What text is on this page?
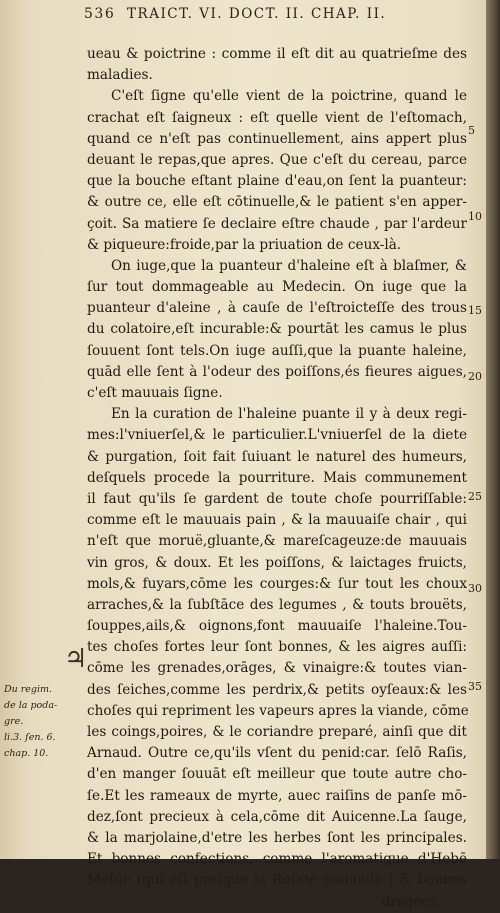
536 TRAICT. VI. DOCT. II. CHAP. II.
ueau & poictrine : comme il eſt dit au quatrieſme des
maladies.
C'eſt ſigne qu'elle vient de la poictrine, quand le
crachat eſt ſaigneux : eſt quelle vient de l'eſtomach,
quand ce n'eſt pas continuellement, ains appert plus
deuant le repas,que apres. Que c'eſt du cereau, parce
que la bouche eſtant plaine d'eau,on ſent la puanteur:
& outre ce, elle eſt cōtinuelle,& le patient s'en apper-
çoit. Sa matiere ſe declaire eſtre chaude , par l'ardeur
& piqueure:froide,par la priuation de ceux-là.
On iuge,que la puanteur d'haleine eſt à blaſmer, &
ſur tout dommageable au Medecin. On iuge que la
puanteur d'aleine , à cauſe de l'eſtroicteſſe des trous
du colatoire,eſt incurable:& pourtāt les camus le plus
ſouuent ſont tels.On iuge auſſi,que la puante haleine,
quād elle ſent à l'odeur des poiſſons,és fieures aigues,
c'eſt mauuais ſigne.
En la curation de l'haleine puante il y à deux regi-
mes:l'vniuerſel,& le particulier.L'vniuerſel de la diete
& purgation, ſoit fait ſuiuant le naturel des humeurs,
deſquels procede la pourriture. Mais communement
il faut qu'ils ſe gardent de toute choſe pourriſſable:
comme eſt le mauuais pain , & la mauuaiſe chair , qui
n'eſt que moruë,gluante,& mareſcageuze:de mauuais
vin gros, & doux. Et les poiſſons, & laictages fruicts,
mols,& fuyars,cōme les courges:& ſur tout les choux
arraches,& la ſubſtāce des legumes , & touts brouëts,
ſouppes,ails,& oignons,font mauuaiſe l'haleine.Tou-
tes choſes fortes leur ſont bonnes, & les aigres auſſi:
cōme les grenades,orāges, & vinaigre:& toutes vian-
des ſeiches,comme les perdrix,& petits oyſeaux:& les
choſes qui repriment les vapeurs apres la viande, cōme
les coings,poires, & le coriandre preparé, ainſi que dit
Arnaud. Outre ce,qu'ils vſent du penid:car. ſelō Raſis,
d'en manger ſouuāt eſt meilleur que toute autre cho-
ſe.Et les rameaux de myrte, auec raiſins de panſe mō-
dez,ſont precieux à cela,cōme dit Auicenne.La ſauge,
& la marjolaine,d'etre les herbes ſont les principales.
Et bonnes confections, comme l'aromatique d'Hebē
Meſue (qui eſt preſque la Roſate nouuelle ) & bonnes
dragees,
5
10
15
20
25
30
35
♃
Du regim.
de la poda-
gre.
li.3. ſen. 6.
chap. 10.
